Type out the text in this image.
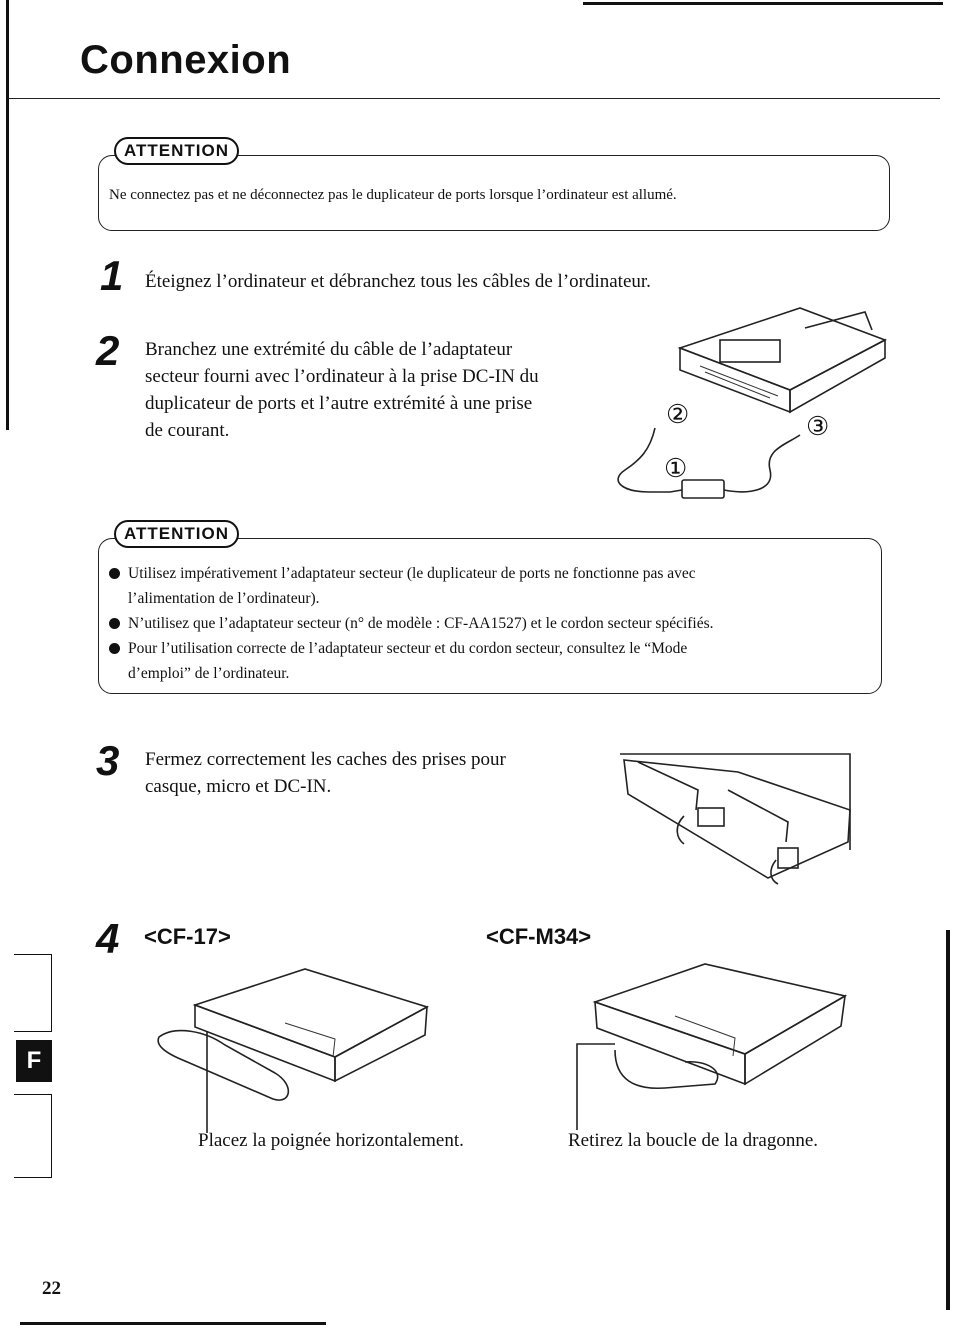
Connexion
Ne connectez pas et ne déconnectez pas le duplicateur de ports lorsque l’ordinateur est allumé.
ATTENTION
1 Éteignez l’ordinateur et débranchez tous les câbles de l’ordinateur.
2 Branchez une extrémité du câble de l’adaptateur
secteur fourni avec l’ordinateur à la prise DC-IN du
duplicateur de ports et l’autre extrémité à une prise
de courant.
①
②	③
Utilisez impérativement l’adaptateur secteur (le duplicateur de ports ne fonctionne pas avec
l’alimentation de l’ordinateur).
N’utilisez que l’adaptateur secteur (n° de modèle : CF-AA1527) et le cordon secteur spécifiés.
Pour l’utilisation correcte de l’adaptateur secteur et du cordon secteur, consultez le “Mode
d’emploi” de l’ordinateur.
ATTENTION
3 Fermez correctement les caches des prises pour
casque, micro et DC-IN.
4 <CF-17>	<CF-M34>
Placez la poignée horizontalement.	Retirez la boucle de la dragonne.
F
22
